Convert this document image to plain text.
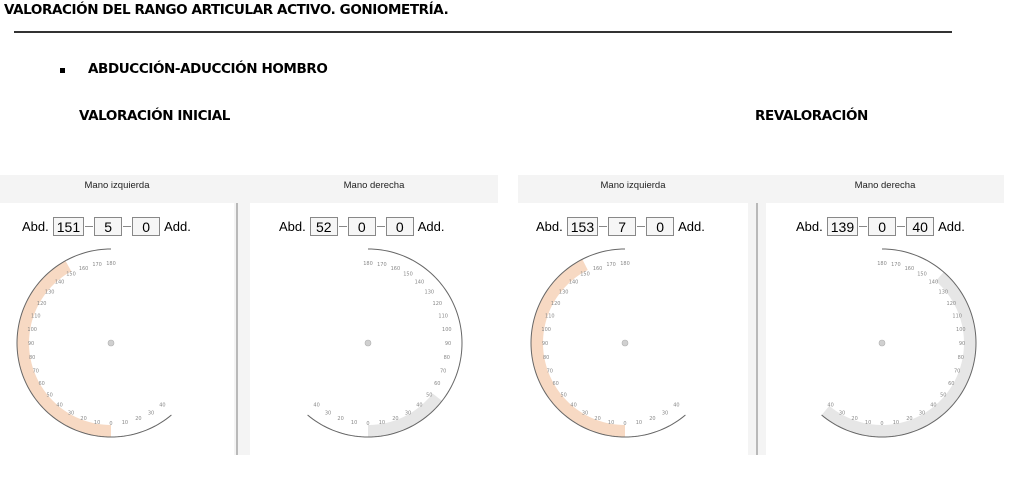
VALORACIÓN DEL RANGO ARTICULAR ACTIVO. GONIOMETRÍA.
ABDUCCIÓN-ADUCCIÓN HOMBRO
VALORACIÓN INICIAL	REVALORACIÓN
Mano izquierda	Mano derecha	Mano izquierda	Mano derecha
Abd. 151	5	0	Add.	Abd. 52	0	0	Add.	Abd. 153	7	0	Add.	Abd. 139	0	40 Add.
40
30
20
10
0
10
20
30
40
50
60
70
80
90
100
110
120
130
140
150
160
170 180
40
30
20
10 0 10
20
30
40
50
60
70
80
90
100
110
120
130
140
150
160
170
180
40
30
20
10
0
10
20
30
40
50
60
70
80
90
100
110
120
130
140
150
160
170 180
40
30
20
10 0 10
20
30
40
50
60
70
80
90
100
110
120
130
140
150
160
170
180
